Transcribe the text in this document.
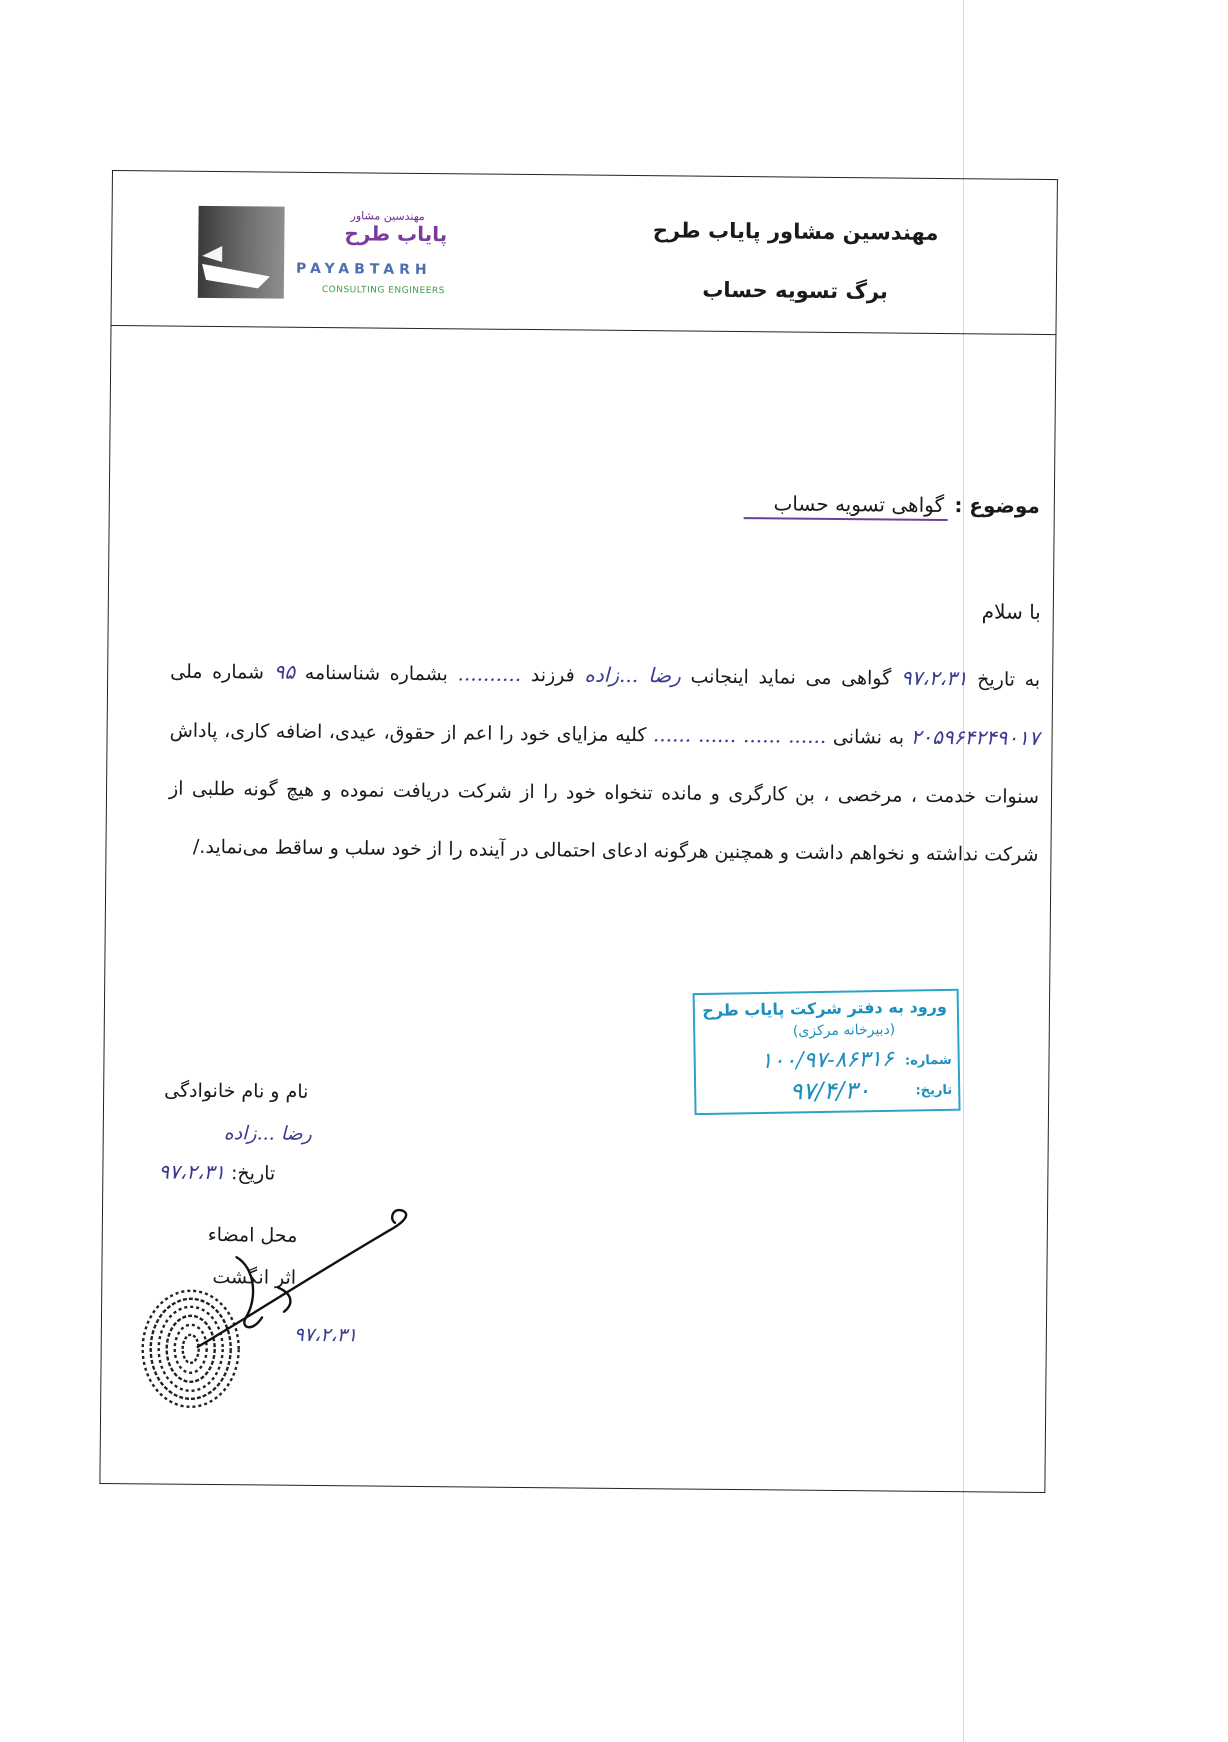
مهندسین مشاور پایاب طرح
برگ تسویه حساب
مهندسین مشاور
پایاب طرح
PAYABTARH
CONSULTING ENGINEERS
موضوع : گواهی تسویه حساب
با سلام
به تاریخ ۹۷،۲،۳۱ گواهی می نماید اینجانب رضا ...زاده فرزند .......... بشماره شناسنامه ۹۵ شماره ملی ۲۰۵۹۶۴۲۴۹۰۱۷ به نشانی ...... ...... ...... ...... کلیه مزایای خود را اعم از حقوق، عیدی، اضافه کاری، پاداش سنوات خدمت ، مرخصی ، بن کارگری و مانده تنخواه خود را از شرکت دریافت نموده و هیچ گونه طلبی از شرکت نداشته و نخواهم داشت و همچنین هرگونه ادعای احتمالی در آینده را از خود سلب و ساقط می‌نماید./
ورود به دفتر شرکت پایاب طرح
(دبیرخانه مرکزی)
شماره:
۱۰۰/۹۷-۸۶۳۱۶
تاریخ:
۹۷/۴/۳۰
نام و نام خانوادگی
رضا ...زاده
تاریخ: ۹۷،۲،۳۱
محل امضاء
اثر انگشت
۹۷،۲،۳۱
